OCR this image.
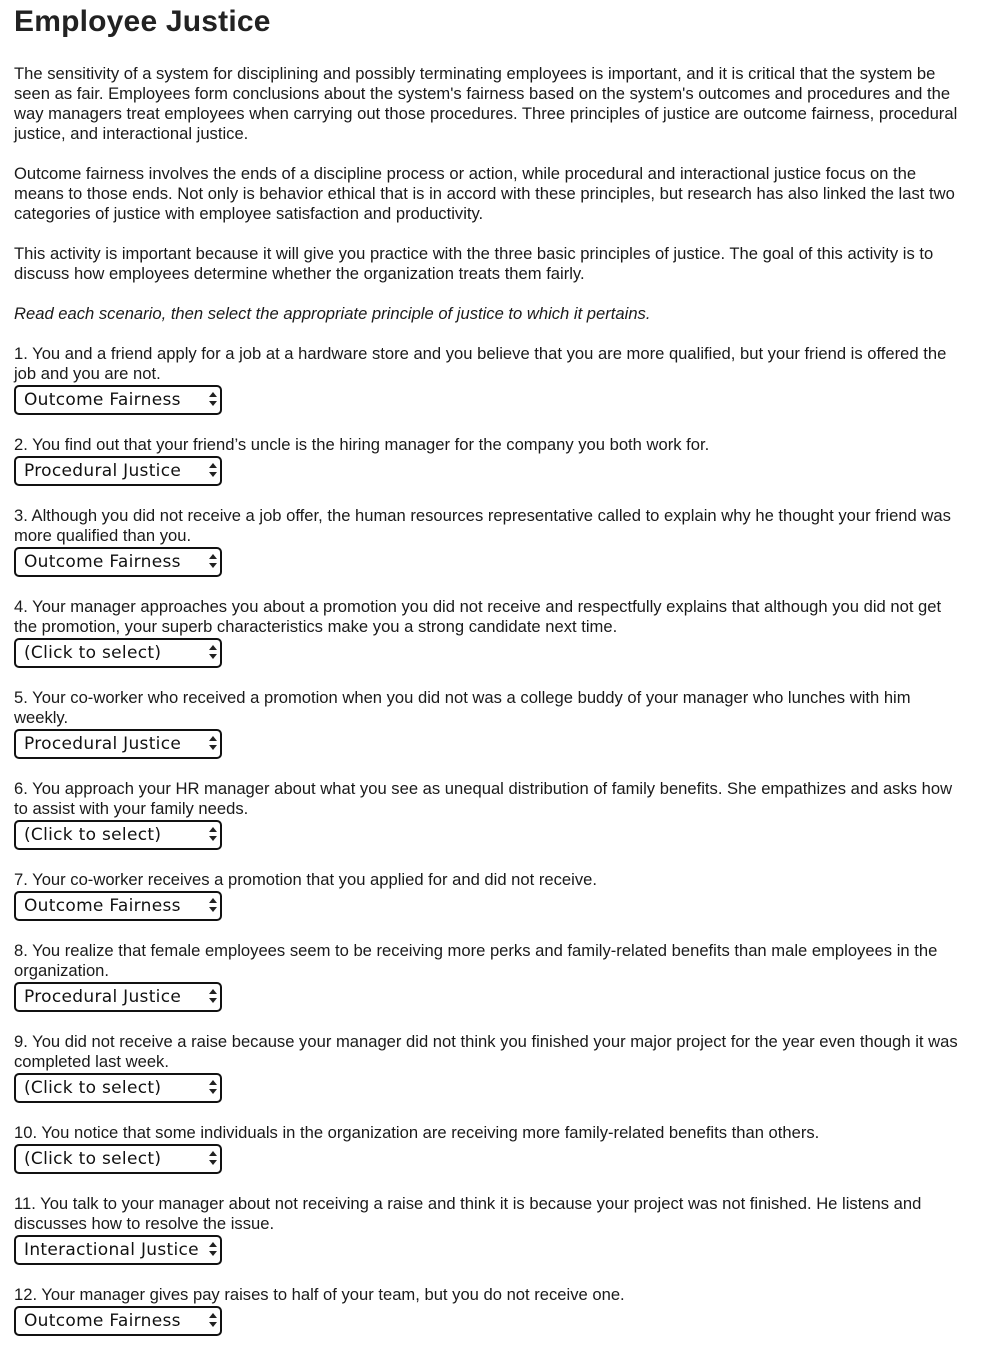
Employee Justice

The sensitivity of a system for disciplining and possibly terminating employees is important, and it is critical that the system be seen as fair. Employees form conclusions about the system's fairness based on the system's outcomes and procedures and the way managers treat employees when carrying out those procedures. Three principles of justice are outcome fairness, procedural justice, and interactional justice.

Outcome fairness involves the ends of a discipline process or action, while procedural and interactional justice focus on the means to those ends. Not only is behavior ethical that is in accord with these principles, but research has also linked the last two categories of justice with employee satisfaction and productivity.

This activity is important because it will give you practice with the three basic principles of justice. The goal of this activity is to discuss how employees determine whether the organization treats them fairly.

Read each scenario, then select the appropriate principle of justice to which it pertains.

1. You and a friend apply for a job at a hardware store and you believe that you are more qualified, but your friend is offered the job and you are not.

Outcome Fairness

2. You find out that your friend’s uncle is the hiring manager for the company you both work for.

Procedural Justice

3. Although you did not receive a job offer, the human resources representative called to explain why he thought your friend was more qualified than you.

Outcome Fairness

4. Your manager approaches you about a promotion you did not receive and respectfully explains that although you did not get the promotion, your superb characteristics make you a strong candidate next time.

(Click to select)

5. Your co-worker who received a promotion when you did not was a college buddy of your manager who lunches with him weekly.

Procedural Justice

6. You approach your HR manager about what you see as unequal distribution of family benefits. She empathizes and asks how to assist with your family needs.

(Click to select)

7. Your co-worker receives a promotion that you applied for and did not receive.

Outcome Fairness

8. You realize that female employees seem to be receiving more perks and family-related benefits than male employees in the organization.

Procedural Justice

9. You did not receive a raise because your manager did not think you finished your major project for the year even though it was completed last week.

(Click to select)

10. You notice that some individuals in the organization are receiving more family-related benefits than others.

(Click to select)

11. You talk to your manager about not receiving a raise and think it is because your project was not finished. He listens and discusses how to resolve the issue.

Interactional Justice

12. Your manager gives pay raises to half of your team, but you do not receive one.

Outcome Fairness
